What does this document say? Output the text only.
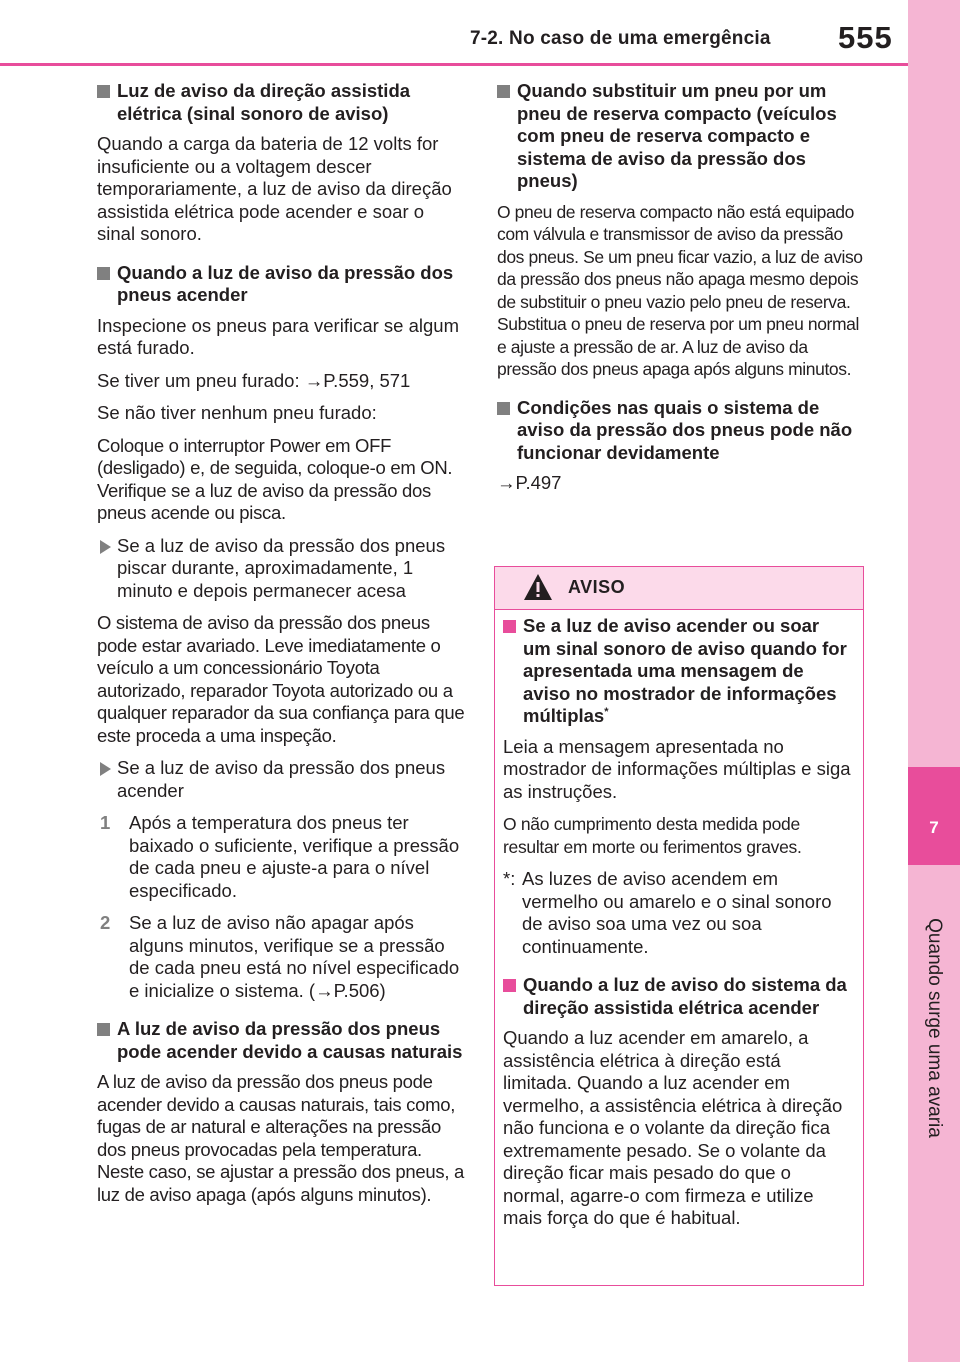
7-2. No caso de uma emergência 555
7
Quando surge uma avaria
Luz de aviso da direção assistida elétrica (sinal sonoro de aviso)
Quando a carga da bateria de 12 volts for insuficiente ou a voltagem descer temporariamente, a luz de aviso da direção assistida elétrica pode acender e soar o sinal sonoro.
Quando a luz de aviso da pressão dos pneus acender
Inspecione os pneus para verificar se algum está furado.
Se tiver um pneu furado: →P.559, 571
Se não tiver nenhum pneu furado:
Coloque o interruptor Power em OFF (desligado) e, de seguida, coloque-o em ON. Verifique se a luz de aviso da pressão dos pneus acende ou pisca.
Se a luz de aviso da pressão dos pneus piscar durante, aproximadamente, 1 minuto e depois permanecer acesa
O sistema de aviso da pressão dos pneus pode estar avariado. Leve imediatamente o veículo a um concessionário Toyota autorizado, reparador Toyota autorizado ou a qualquer reparador da sua confiança para que este proceda a uma inspeção.
Se a luz de aviso da pressão dos pneus acender
1 Após a temperatura dos pneus ter baixado o suficiente, verifique a pressão de cada pneu e ajuste-a para o nível especificado.
2 Se a luz de aviso não apagar após alguns minutos, verifique se a pressão de cada pneu está no nível especificado e inicialize o sistema. (→P.506)
A luz de aviso da pressão dos pneus pode acender devido a causas naturais
A luz de aviso da pressão dos pneus pode acender devido a causas naturais, tais como, fugas de ar natural e alterações na pressão dos pneus provocadas pela temperatura. Neste caso, se ajustar a pressão dos pneus, a luz de aviso apaga (após alguns minutos).
Quando substituir um pneu por um pneu de reserva compacto (veículos com pneu de reserva compacto e sistema de aviso da pressão dos pneus)
O pneu de reserva compacto não está equipado com válvula e transmissor de aviso da pressão dos pneus. Se um pneu ficar vazio, a luz de aviso da pressão dos pneus não apaga mesmo depois de substituir o pneu vazio pelo pneu de reserva. Substitua o pneu de reserva por um pneu normal e ajuste a pressão de ar. A luz de aviso da pressão dos pneus apaga após alguns minutos.
Condições nas quais o sistema de aviso da pressão dos pneus pode não funcionar devidamente
→P.497
AVISO
Se a luz de aviso acender ou soar um sinal sonoro de aviso quando for apresentada uma mensagem de aviso no mostrador de informações múltiplas*
Leia a mensagem apresentada no mostrador de informações múltiplas e siga as instruções.
O não cumprimento desta medida pode resultar em morte ou ferimentos graves.
*: As luzes de aviso acendem em vermelho ou amarelo e o sinal sonoro de aviso soa uma vez ou soa continuamente.
Quando a luz de aviso do sistema da direção assistida elétrica acender
Quando a luz acender em amarelo, a assistência elétrica à direção está limitada. Quando a luz acender em vermelho, a assistência elétrica à direção não funciona e o volante da direção fica extremamente pesado. Se o volante da direção ficar mais pesado do que o normal, agarre-o com firmeza e utilize mais força do que é habitual.
